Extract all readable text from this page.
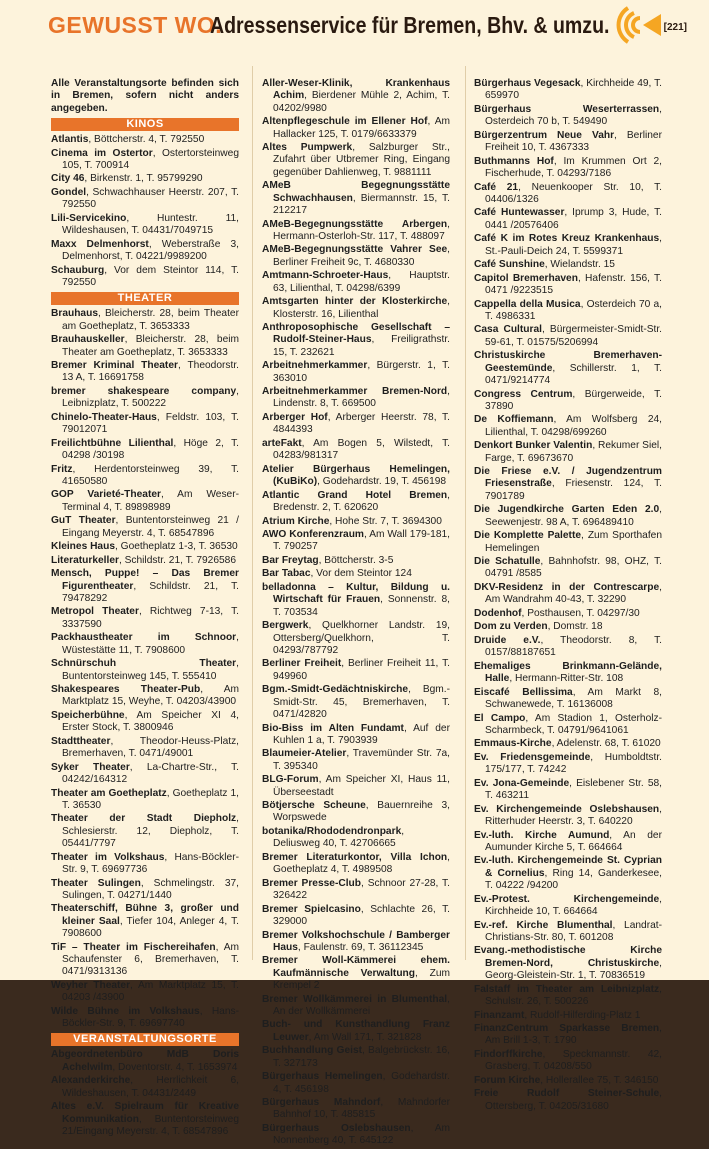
GEWUSST WO.
Adressenservice für Bremen, Bhv. & umzu.	[221]
Alle Veranstaltungsorte befinden sich in Bremen, sofern nicht anders angegeben.
KINOS
Atlantis, Böttcherstr. 4, T. 792550
Cinema im Ostertor, Ostertorsteinweg 105, T. 700914
City 46, Birkenstr. 1, T. 95799290
Gondel, Schwachhauser Heerstr. 207, T. 792550
Lili-Servicekino, Huntestr. 11, Wildeshausen, T. 04431/7049715
Maxx Delmenhorst, Weberstraße 3, Delmenhorst, T. 04221/9989200
Schauburg, Vor dem Steintor 114, T. 792550
THEATER
Brauhaus, Bleicherstr. 28, beim Theater am Goetheplatz, T. 3653333
Brauhauskeller, Bleicherstr. 28, beim Theater am Goetheplatz, T. 3653333
Bremer Kriminal Theater, Theodorstr. 13 A, T. 16691758
bremer shakespeare company, Leibnizplatz, T. 500222
Chinelo-Theater-Haus, Feldstr. 103, T. 79012071
Freilichtbühne Lilienthal, Höge 2, T. 04298 /30198
Fritz, Herdentorsteinweg 39, T. 41650580
GOP Varieté-Theater, Am Weser-Terminal 4, T. 89898989
GuT Theater, Buntentorsteinweg 21 / Eingang Meyerstr. 4, T. 68547896
Kleines Haus, Goetheplatz 1-3, T. 36530
Literaturkeller, Schildstr. 21, T. 7926586
Mensch, Puppe! – Das Bremer Figurentheater, Schildstr. 21, T. 79478292
Metropol Theater, Richtweg 7-13, T. 3337590
Packhaustheater im Schnoor, Wüstestätte 11, T. 7908600
Schnürschuh Theater, Buntentorsteinweg 145, T. 555410
Shakespeares Theater-Pub, Am Marktplatz 15, Weyhe, T. 04203/43900
Speicherbühne, Am Speicher XI 4, Erster Stock, T. 3800946
Stadttheater, Theodor-Heuss-Platz, Bremerhaven, T. 0471/49001
Syker Theater, La-Chartre-Str., T. 04242/164312
Theater am Goetheplatz, Goetheplatz 1, T. 36530
Theater der Stadt Diepholz, Schlesierstr. 12, Diepholz, T. 05441/7797
Theater im Volkshaus, Hans-Böckler-Str. 9, T. 69697736
Theater Sulingen, Schmelingstr. 37, Sulingen, T. 04271/1440
Theaterschiff, Bühne 3, großer und kleiner Saal, Tiefer 104, Anleger 4, T. 7908600
TiF – Theater im Fischereihafen, Am Schaufenster 6, Bremerhaven, T. 0471/9313136
Weyher Theater, Am Marktplatz 15, T. 04203 /43900
Wilde Bühne im Volkshaus, Hans-Böckler-Str. 9, T. 69697740
VERANSTALTUNGSORTE
Abgeordnetenbüro MdB Doris Achelwilm, Doventorstr. 4, T. 1653974
Alexanderkirche, Herrlichkeit 6, Wildeshausen, T. 04431/2449
Altes e.V. Spielraum für Kreative Kommunikation, Buntentorsteinweg 21/Eingang Meyerstr. 4, T. 68547896
Aller-Weser-Klinik, Krankenhaus Achim, Bierdener Mühle 2, Achim, T. 04202/9980
Altenpflegeschule im Ellener Hof, Am Hallacker 125, T. 0179/6633379
Altes Pumpwerk, Salzburger Str., Zufahrt über Utbremer Ring, Eingang gegenüber Dahlienweg, T. 9881111
AMeB Begegnungsstätte Schwachhausen, Biermannstr. 15, T. 212217
AMeB-Begegnungsstätte Arbergen, Hermann-Osterloh-Str. 117, T. 488097
AMeB-Begegnungsstätte Vahrer See, Berliner Freiheit 9c, T. 4680330
Amtmann-Schroeter-Haus, Hauptstr. 63, Lilienthal, T. 04298/6399
Amtsgarten hinter der Klosterkirche, Klosterstr. 16, Lilienthal
Anthroposophische Gesellschaft – Rudolf-Steiner-Haus, Freiligrathstr. 15, T. 232621
Arbeitnehmerkammer, Bürgerstr. 1, T. 363010
Arbeitnehmerkammer Bremen-Nord, Lindenstr. 8, T. 669500
Arberger Hof, Arberger Heerstr. 78, T. 4844393
arteFakt, Am Bogen 5, Wilstedt, T. 04283/981317
Atelier Bürgerhaus Hemelingen, (KuBiKo), Godehardstr. 19, T. 456198
Atlantic Grand Hotel Bremen, Bredenstr. 2, T. 620620
Atrium Kirche, Hohe Str. 7, T. 3694300
AWO Konferenzraum, Am Wall 179-181, T. 790257
Bar Freytag, Böttcherstr. 3-5
Bar Tabac, Vor dem Steintor 124
belladonna – Kultur, Bildung u. Wirtschaft für Frauen, Sonnenstr. 8, T. 703534
Bergwerk, Quelkhorner Landstr. 19, Ottersberg/Quelkhorn, T. 04293/787792
Berliner Freiheit, Berliner Freiheit 11, T. 949960
Bgm.-Smidt-Gedächtniskirche, Bgm.-Smidt-Str. 45, Bremerhaven, T. 0471/42820
Bio-Biss im Alten Fundamt, Auf der Kuhlen 1 a, T. 7903939
Blaumeier-Atelier, Travemünder Str. 7a, T. 395340
BLG-Forum, Am Speicher XI, Haus 11, Überseestadt
Bötjersche Scheune, Bauernreihe 3, Worpswede
botanika/Rhododendronpark, Deliusweg 40, T. 42706665
Bremer Literaturkontor, Villa Ichon, Goetheplatz 4, T. 4989508
Bremer Presse-Club, Schnoor 27-28, T. 326422
Bremer Spielcasino, Schlachte 26, T. 329000
Bremer Volkshochschule / Bamberger Haus, Faulenstr. 69, T. 36112345
Bremer Woll-Kämmerei ehem. Kaufmännische Verwaltung, Zum Krempel 2
Bremer Wollkämmerei in Blumenthal, An der Wollkämmerei
Buch- und Kunsthandlung Franz Leuwer, Am Wall 171, T. 321828
Buchhandlung Geist, Balgebrückstr. 16, T. 327173
Bürgerhaus Hemelingen, Godehardstr. 4, T. 456198
Bürgerhaus Mahndorf, Mahndorfer Bahnhof 10, T. 485815
Bürgerhaus Oslebshausen, Am Nonnenberg 40, T. 645122
Bürgerhaus Vegesack, Kirchheide 49, T. 659970
Bürgerhaus Weserterrassen, Osterdeich 70 b, T. 549490
Bürgerzentrum Neue Vahr, Berliner Freiheit 10, T. 4367333
Buthmanns Hof, Im Krummen Ort 2, Fischerhude, T. 04293/7186
Café 21, Neuenkooper Str. 10, T. 04406/1326
Café Huntewasser, Iprump 3, Hude, T. 0441 /20576406
Café K im Rotes Kreuz Krankenhaus, St.-Pauli-Deich 24, T. 5599371
Café Sunshine, Wielandstr. 15
Capitol Bremerhaven, Hafenstr. 156, T. 0471 /9223515
Cappella della Musica, Osterdeich 70 a, T. 4986331
Casa Cultural, Bürgermeister-Smidt-Str. 59-61, T. 01575/5206994
Christuskirche Bremerhaven-Geestemünde, Schillerstr. 1, T. 0471/9214774
Congress Centrum, Bürgerweide, T. 37890
De Koffiemann, Am Wolfsberg 24, Lilienthal, T. 04298/699260
Denkort Bunker Valentin, Rekumer Siel, Farge, T. 69673670
Die Friese e.V. / Jugendzentrum Friesenstraße, Friesenstr. 124, T. 7901789
Die Jugendkirche Garten Eden 2.0, Seewenjestr. 98 A, T. 696489410
Die Komplette Palette, Zum Sporthafen Hemelingen
Die Schatulle, Bahnhofstr. 98, OHZ, T. 04791 /8585
DKV-Residenz in der Contrescarpe, Am Wandrahm 40-43, T. 32290
Dodenhof, Posthausen, T. 04297/30
Dom zu Verden, Domstr. 18
Druide e.V., Theodorstr. 8, T. 0157/88187651
Ehemaliges Brinkmann-Gelände, Halle, Hermann-Ritter-Str. 108
Eiscafé Bellissima, Am Markt 8, Schwanewede, T. 16136008
El Campo, Am Stadion 1, Osterholz-Scharmbeck, T. 04791/9641061
Emmaus-Kirche, Adelenstr. 68, T. 61020
Ev. Friedensgemeinde, Humboldtstr. 175/177, T. 74242
Ev. Jona-Gemeinde, Eislebener Str. 58, T. 463211
Ev. Kirchengemeinde Oslebshausen, Ritterhuder Heerstr. 3, T. 640220
Ev.-luth. Kirche Aumund, An der Aumunder Kirche 5, T. 664664
Ev.-luth. Kirchengemeinde St. Cyprian & Cornelius, Ring 14, Ganderkesee, T. 04222 /94200
Ev.-Protest. Kirchengemeinde, Kirchheide 10, T. 664664
Ev.-ref. Kirche Blumenthal, Landrat-Christians-Str. 80, T. 601208
Evang.-methodistische Kirche Bremen-Nord, Christuskirche, Georg-Gleistein-Str. 1, T. 70836519
Falstaff im Theater am Leibnizplatz, Schulstr. 26, T. 500226
Finanzamt, Rudolf-Hilferding-Platz 1
FinanzCentrum Sparkasse Bremen, Am Brill 1-3, T. 1790
Findorffkirche, Speckmannstr. 42, Grasberg, T. 04208/550
Forum Kirche, Hollerallee 75, T. 346150
Freie Rudolf Steiner-Schule, Ottersberg, T. 04205/31680
